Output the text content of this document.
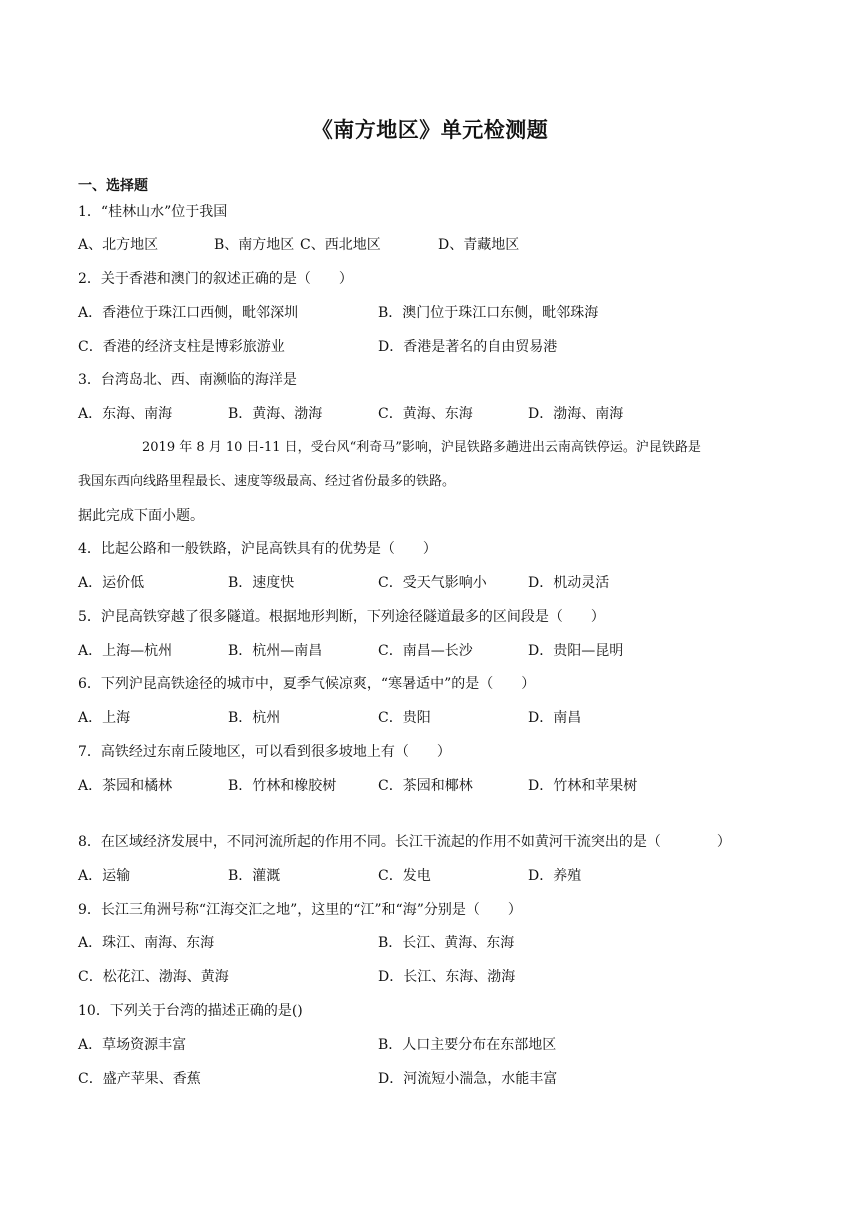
《南方地区》单元检测题
一、选择题
1．“桂林山水”位于我国
A、北方地区	B、南方地区 C、西北地区	D、青藏地区
2．关于香港和澳门的叙述正确的是（　　）
A．香港位于珠江口西侧，毗邻深圳	B．澳门位于珠江口东侧，毗邻珠海
C．香港的经济支柱是博彩旅游业	D．香港是著名的自由贸易港
3．台湾岛北、西、南濒临的海洋是
A．东海、南海	B．黄海、渤海	C．黄海、东海	D．渤海、南海
2019 年 8 月 10 日-11 日，受台风“利奇马”影响，沪昆铁路多趟进出云南高铁停运。沪昆铁路是
我国东西向线路里程最长、速度等级最高、经过省份最多的铁路。
据此完成下面小题。
4．比起公路和一般铁路，沪昆高铁具有的优势是（　　）
A．运价低	B．速度快	C．受天气影响小	D．机动灵活
5．沪昆高铁穿越了很多隧道。根据地形判断，下列途径隧道最多的区间段是（　　）
A．上海—杭州	B．杭州—南昌	C．南昌—长沙	D．贵阳—昆明
6．下列沪昆高铁途径的城市中，夏季气候凉爽，“寒暑适中”的是（　　）
A．上海	B．杭州	C．贵阳	D．南昌
7．高铁经过东南丘陵地区，可以看到很多坡地上有（　　）
A．茶园和橘林	B．竹林和橡胶树	C．茶园和椰林	D．竹林和苹果树
8．在区域经济发展中，不同河流所起的作用不同。长江干流起的作用不如黄河干流突出的是（　　　　）
A．运输	B．灌溉	C．发电	D．养殖
9．长江三角洲号称“江海交汇之地”，这里的“江”和“海”分别是（　　）
A．珠江、南海、东海	B．长江、黄海、东海
C．松花江、渤海、黄海	D．长江、东海、渤海
10．下列关于台湾的描述正确的是()
A．草场资源丰富	B．人口主要分布在东部地区
C．盛产苹果、香蕉	D．河流短小湍急，水能丰富
